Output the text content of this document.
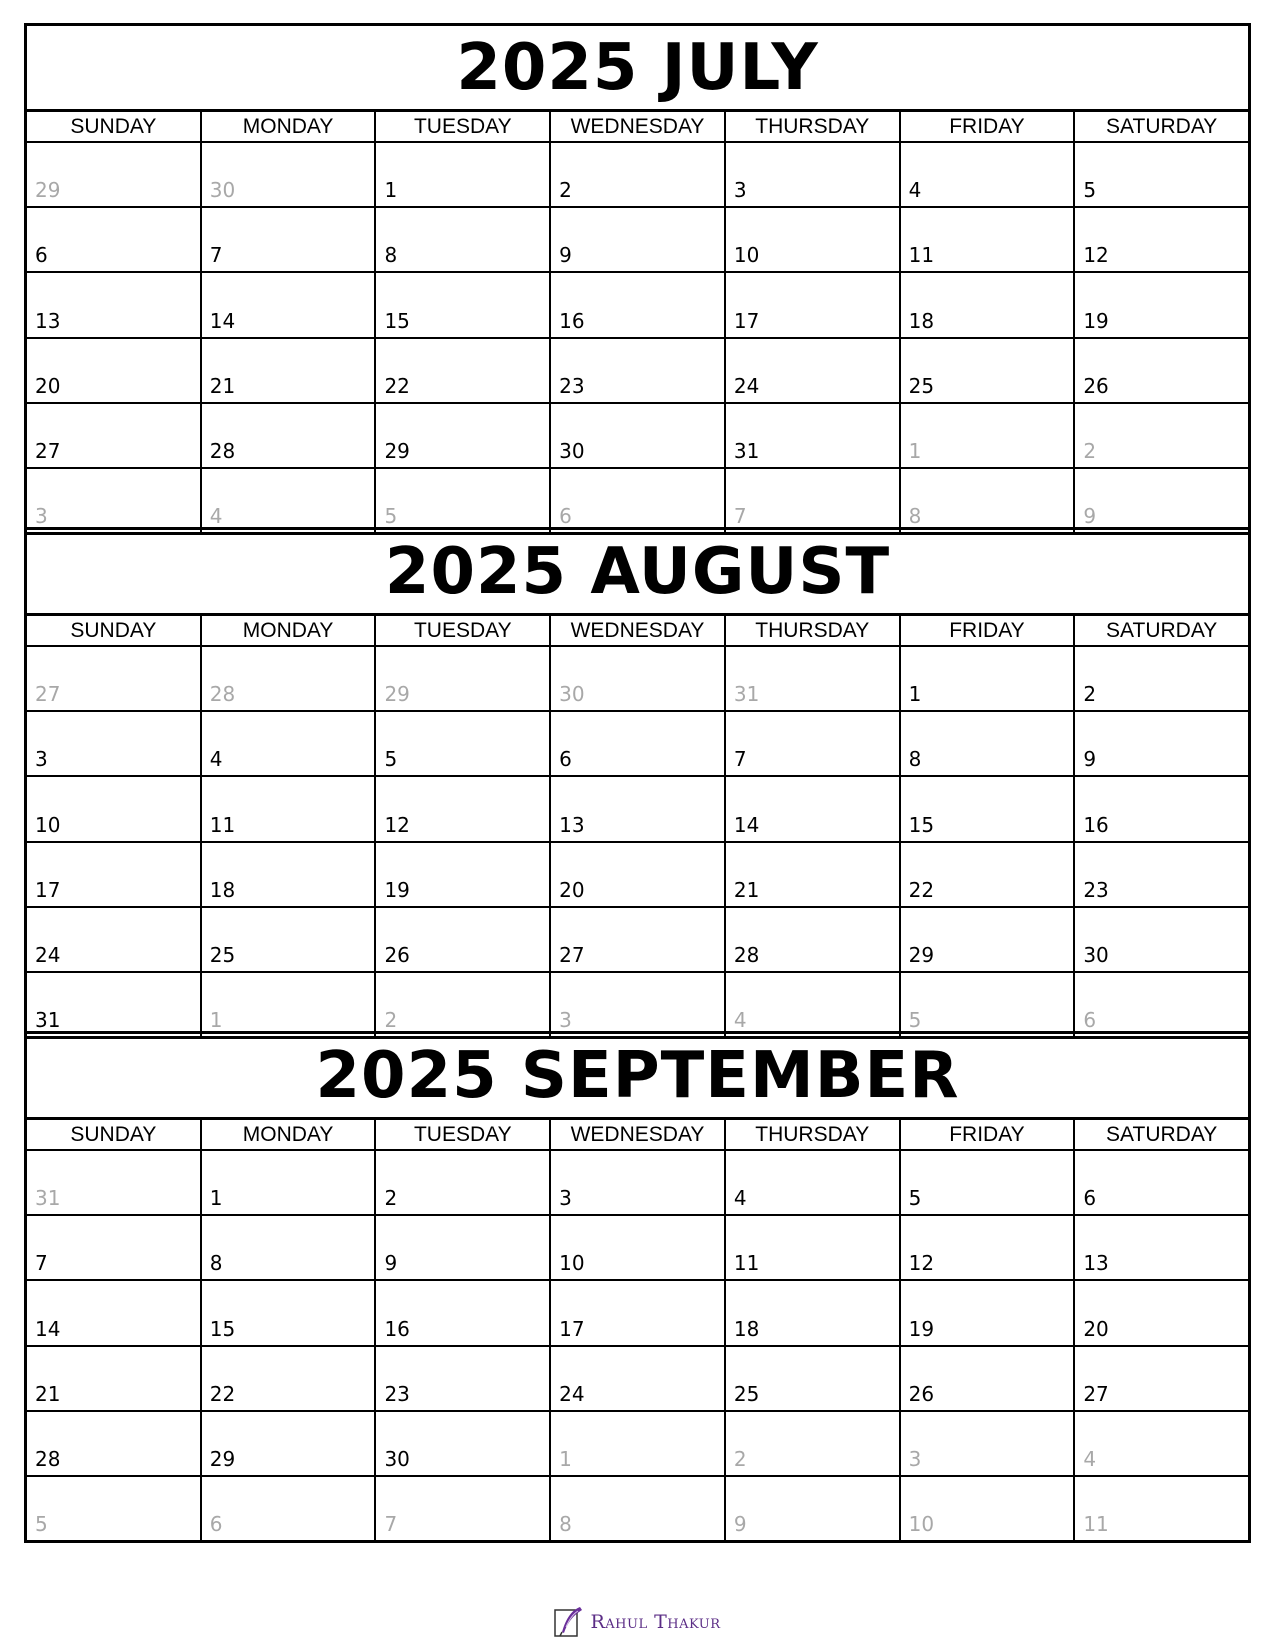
2025 JULY
SUNDAY	MONDAY	TUESDAY	WEDNESDAY	THURSDAY	FRIDAY	SATURDAY
29	30	1	2	3	4	5
6	7	8	9	10	11	12
13	14	15	16	17	18	19
20	21	22	23	24	25	26
27	28	29	30	31	1	2
3	4	5	6	7	8	9
2025 AUGUST
SUNDAY	MONDAY	TUESDAY	WEDNESDAY	THURSDAY	FRIDAY	SATURDAY
27	28	29	30	31	1	2
3	4	5	6	7	8	9
10	11	12	13	14	15	16
17	18	19	20	21	22	23
24	25	26	27	28	29	30
31	1	2	3	4	5	6
2025 SEPTEMBER
SUNDAY	MONDAY	TUESDAY	WEDNESDAY	THURSDAY	FRIDAY	SATURDAY
31	1	2	3	4	5	6
7	8	9	10	11	12	13
14	15	16	17	18	19	20
21	22	23	24	25	26	27
28	29	30	1	2	3	4
5	6	7	8	9	10	11
Rahul Thakur
